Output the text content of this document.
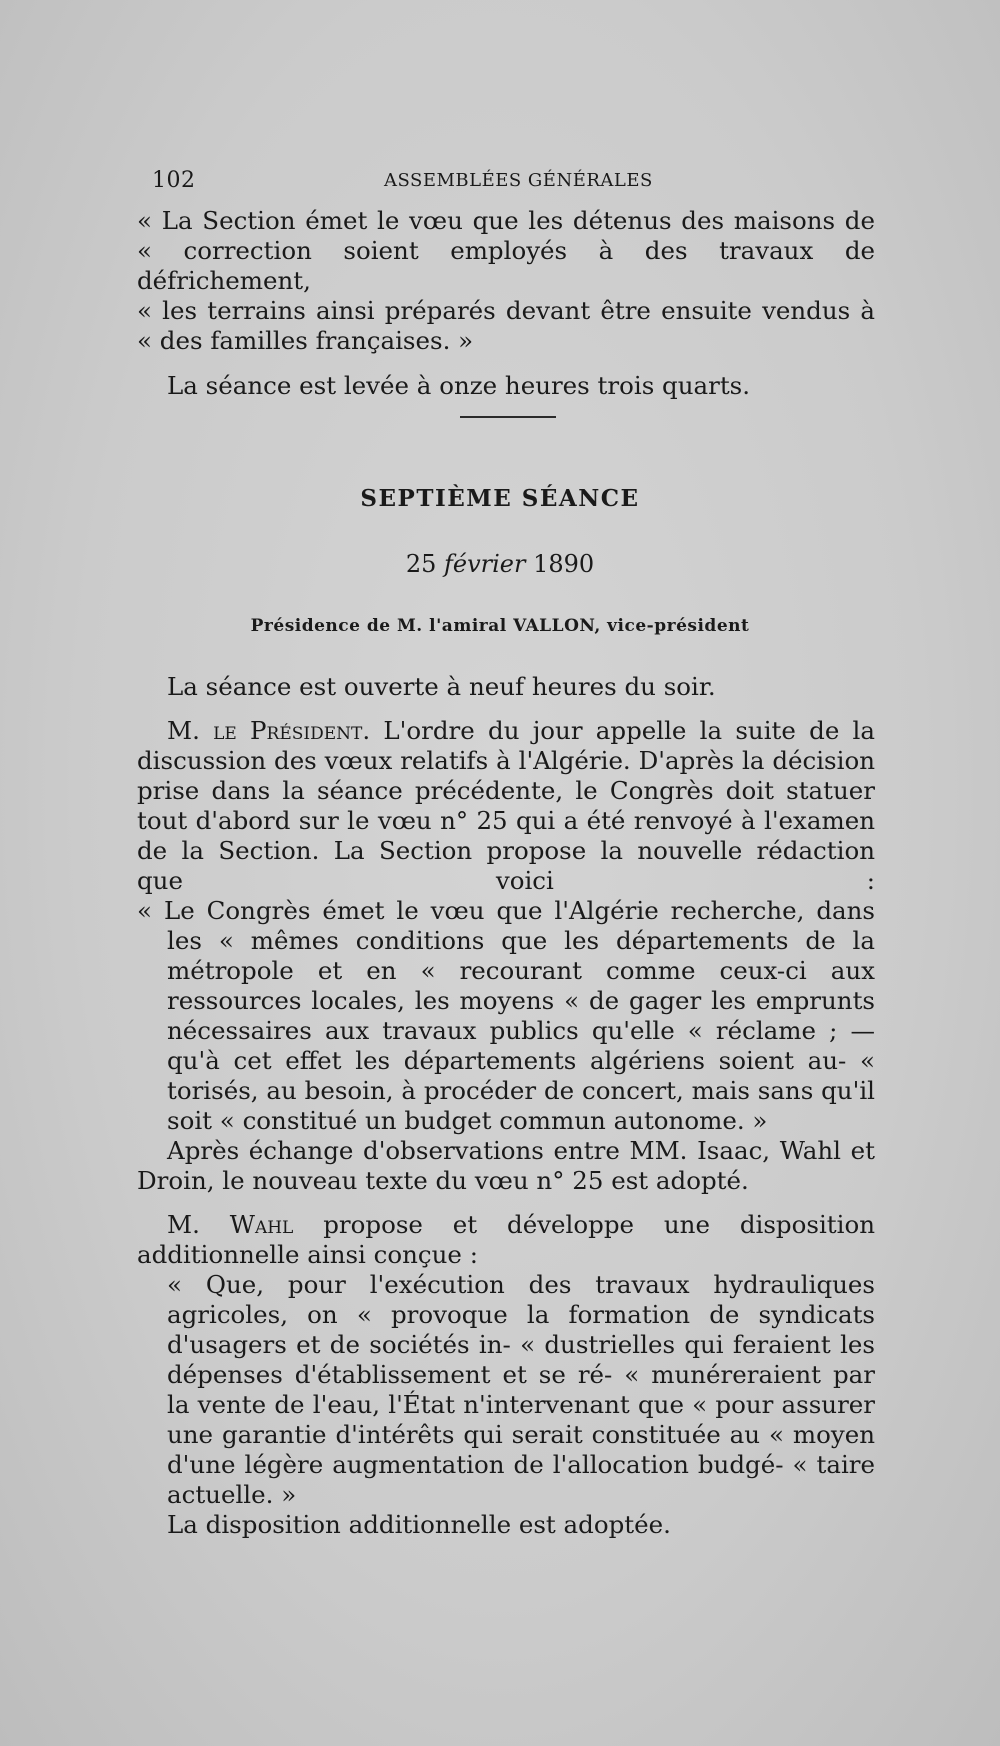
102	ASSEMBLÉES GÉNÉRALES

« La Section émet le vœu que les détenus des maisons de

« correction soient employés à des travaux de défrichement,

« les terrains ainsi préparés devant être ensuite vendus à

« des familles françaises. »

La séance est levée à onze heures trois quarts.

SEPTIÈME SÉANCE
25 février 1890
Présidence de M. l'amiral VALLON, vice-président

La séance est ouverte à neuf heures du soir.

M. le Président. L'ordre du jour appelle la suite de la discussion des vœux relatifs à l'Algérie. D'après la décision prise dans la séance précédente, le Congrès doit statuer tout d'abord sur le vœu n° 25 qui a été renvoyé à l'examen de la Section. La Section propose la nouvelle rédaction que voici :

« Le Congrès émet le vœu que l'Algérie recherche, dans les « mêmes conditions que les départements de la métropole et en « recourant comme ceux-ci aux ressources locales, les moyens « de gager les emprunts nécessaires aux travaux publics qu'elle « réclame ; — qu'à cet effet les départements algériens soient au- « torisés, au besoin, à procéder de concert, mais sans qu'il soit « constitué un budget commun autonome. »

Après échange d'observations entre MM. Isaac, Wahl et Droin, le nouveau texte du vœu n° 25 est adopté.

M. Wahl propose et développe une disposition additionnelle ainsi conçue :

« Que, pour l'exécution des travaux hydrauliques agricoles, on « provoque la formation de syndicats d'usagers et de sociétés in- « dustrielles qui feraient les dépenses d'établissement et se ré- « munéreraient par la vente de l'eau, l'État n'intervenant que « pour assurer une garantie d'intérêts qui serait constituée au « moyen d'une légère augmentation de l'allocation budgé- « taire actuelle. »

La disposition additionnelle est adoptée.
